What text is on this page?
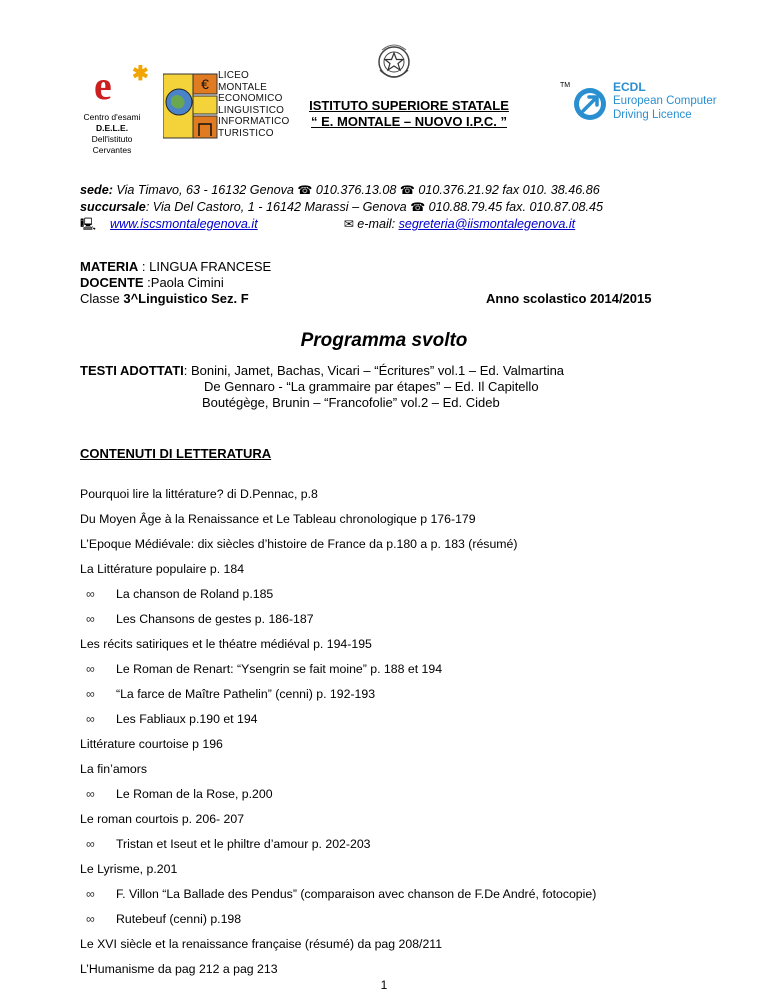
e ✱
Centro d'esami
D.E.L.E.
Dell'istituto
Cervantes
€
LICEO MONTALE
ECONOMICO
LINGUISTICO
INFORMATICO
TURISTICO
ISTITUTO SUPERIORE STATALE
“ E. MONTALE – NUOVO I.P.C. ”
TM	ECDL
European Computer
Driving Licence
sede: Via Timavo, 63 - 16132 Genova ☎ 010.376.13.08 ☎ 010.376.21.92 fax 010. 38.46.86
succursale: Via Del Castoro, 1 - 16142 Marassi – Genova ☎ 010.88.79.45 fax. 010.87.08.45
🖳 www.iscsmontalegenova.it	✉ e-mail: segreteria@iismontalegenova.it
MATERIA : LINGUA FRANCESE
DOCENTE :Paola Cimini
Classe 3^Linguistico Sez. F	Anno scolastico 2014/2015
Programma svolto
TESTI ADOTTATI: Bonini, Jamet, Bachas, Vicari – “Écritures” vol.1 – Ed. Valmartina
De Gennaro - “La grammaire par étapes” – Ed. Il Capitello
Boutégège, Brunin – “Francofolie” vol.2 – Ed. Cideb
CONTENUTI DI LETTERATURA
Pourquoi lire la littérature? di D.Pennac, p.8
Du Moyen Âge à la Renaissance et Le Tableau chronologique p 176-179
L’Epoque Médiévale: dix siècles d’histoire de France da p.180 a p. 183 (résumé)
La Littérature populaire p. 184
∞ La chanson de Roland p.185
∞ Les Chansons de gestes p. 186-187
Les récits satiriques et le théatre médiéval p. 194-195
∞ Le Roman de Renart: “Ysengrin se fait moine” p. 188 et 194
∞ “La farce de Maître Pathelin” (cenni) p. 192-193
∞ Les Fabliaux p.190 et 194
Littérature courtoise p 196
La fin’amors
∞ Le Roman de la Rose, p.200
Le roman courtois p. 206- 207
∞ Tristan et Iseut et le philtre d’amour p. 202-203
Le Lyrisme, p.201
∞ F. Villon “La Ballade des Pendus” (comparaison avec chanson de F.De André, fotocopie)
∞ Rutebeuf (cenni) p.198
Le XVI siècle et la renaissance française (résumé) da pag 208/211
L’Humanisme da pag 212 a pag 213
1
